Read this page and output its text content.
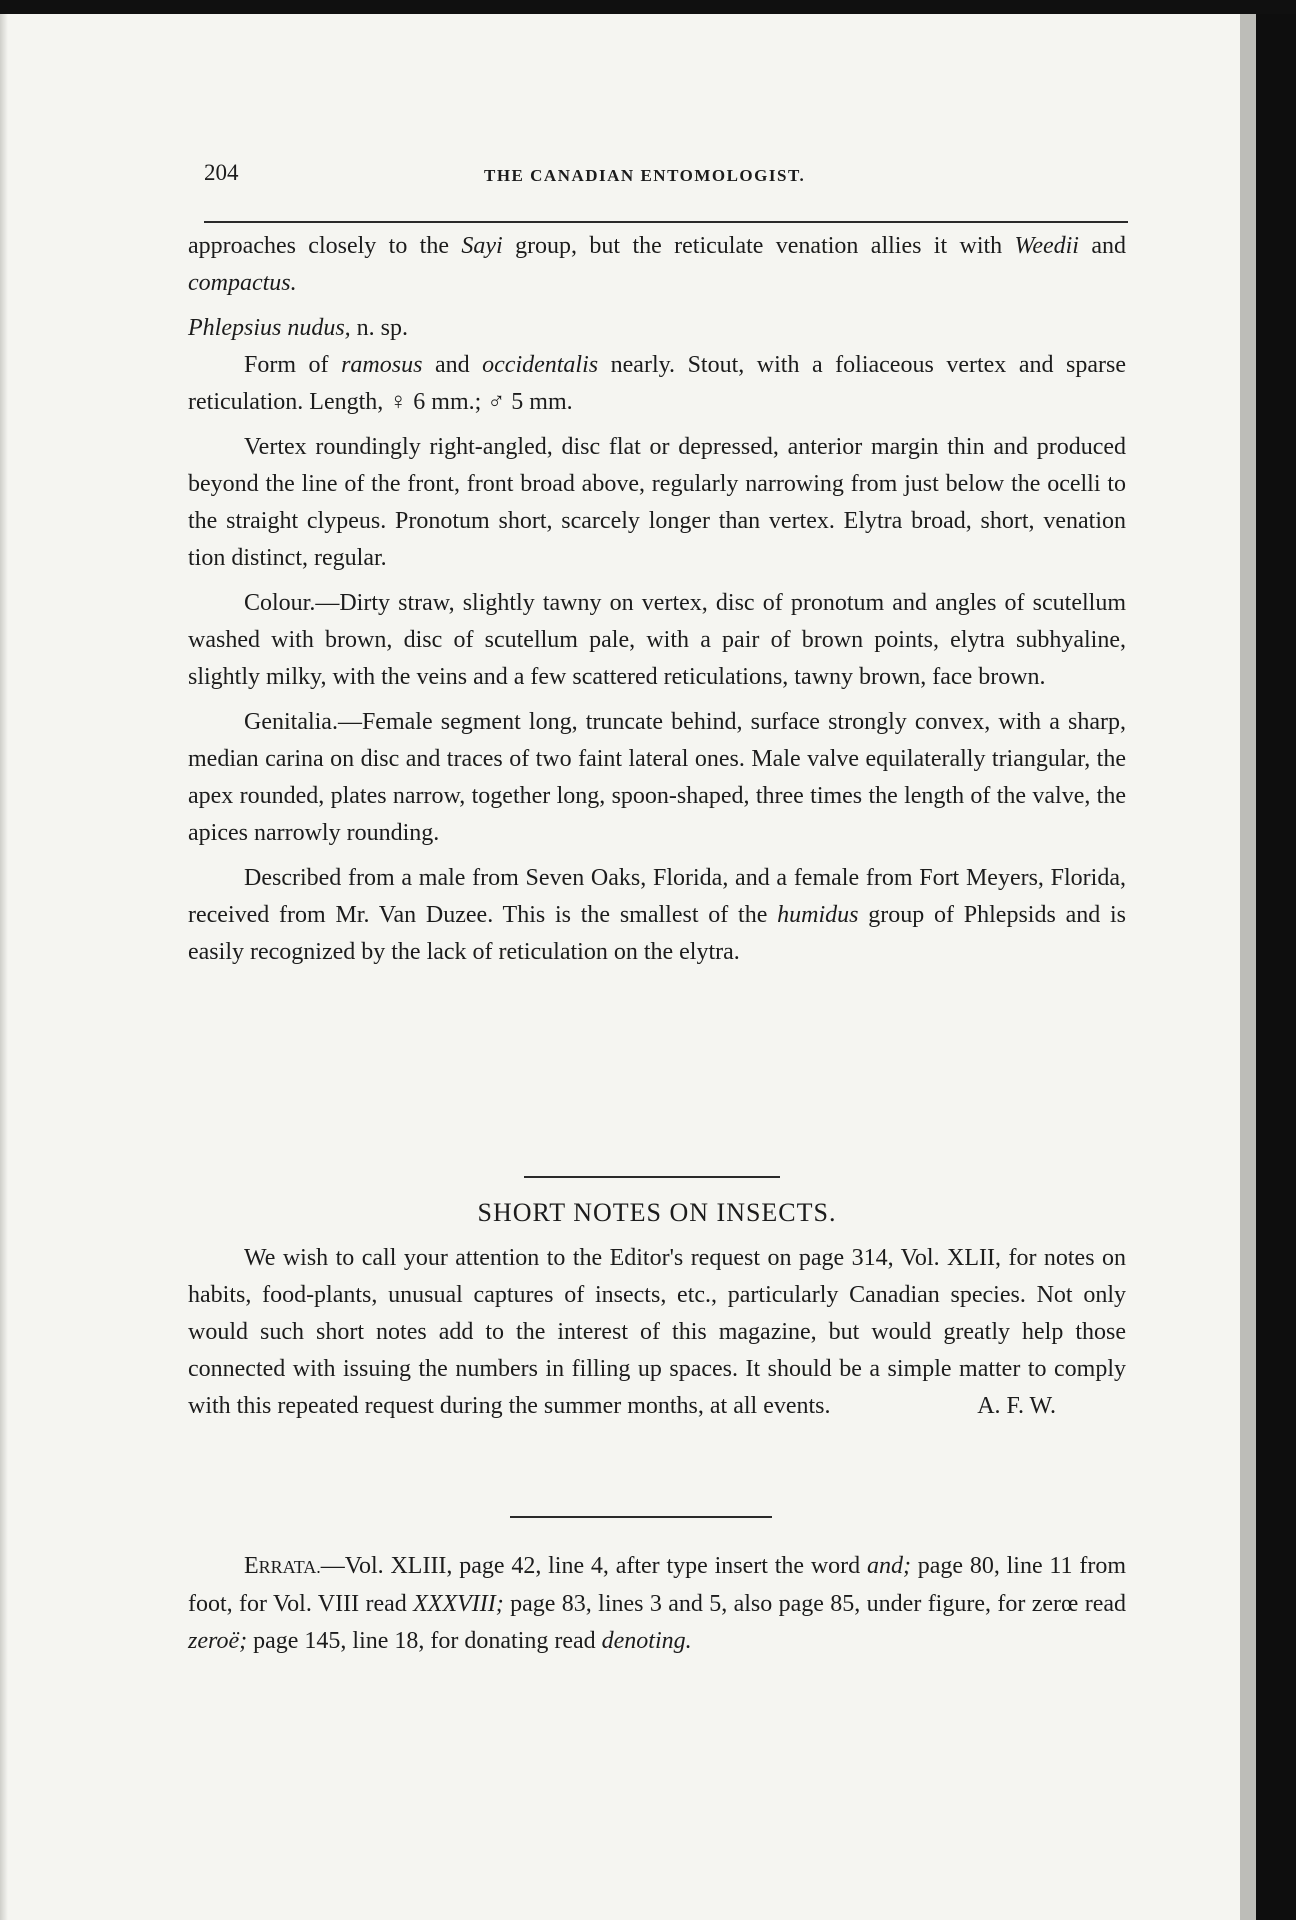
204	THE CANADIAN ENTOMOLOGIST.

approaches closely to the Sayi group, but the reticulate venation allies it with Weedii and compactus.

Phlepsius nudus, n. sp.

Form of ramosus and occidentalis nearly. Stout, with a foliaceous vertex and sparse reticulation. Length, ♀ 6 mm.; ♂ 5 mm.

Vertex roundingly right-angled, disc flat or depressed, anterior margin thin and produced beyond the line of the front, front broad above, regularly narrowing from just below the ocelli to the straight clypeus. Pronotum short, scarcely longer than vertex. Elytra broad, short, venation tion distinct, regular.

Colour.—Dirty straw, slightly tawny on vertex, disc of pronotum and angles of scutellum washed with brown, disc of scutellum pale, with a pair of brown points, elytra subhyaline, slightly milky, with the veins and a few scattered reticulations, tawny brown, face brown.

Genitalia.—Female segment long, truncate behind, surface strongly convex, with a sharp, median carina on disc and traces of two faint lateral ones. Male valve equilaterally triangular, the apex rounded, plates narrow, together long, spoon-shaped, three times the length of the valve, the apices narrowly rounding.

Described from a male from Seven Oaks, Florida, and a female from Fort Meyers, Florida, received from Mr. Van Duzee. This is the smallest of the humidus group of Phlepsids and is easily recognized by the lack of reticulation on the elytra.

SHORT NOTES ON INSECTS.

We wish to call your attention to the Editor's request on page 314, Vol. XLII, for notes on habits, food-plants, unusual captures of insects, etc., particularly Canadian species. Not only would such short notes add to the interest of this magazine, but would greatly help those connected with issuing the numbers in filling up spaces. It should be a simple matter to comply with this repeated request during the summer months, at all events.	A. F. W.

ERRATA.—Vol. XLIII, page 42, line 4, after type insert the word and; page 80, line 11 from foot, for Vol. VIII read XXXVIII; page 83, lines 3 and 5, also page 85, under figure, for zerœ read zeroë; page 145, line 18, for donating read denoting.
